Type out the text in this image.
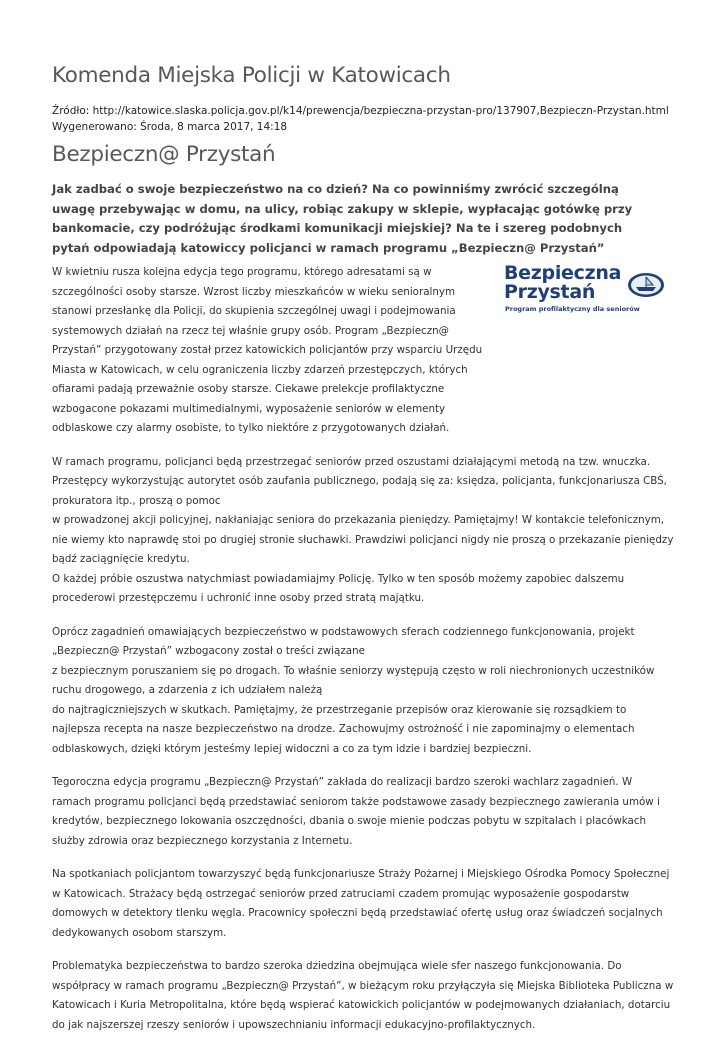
Komenda Miejska Policji w Katowicach
Źródło: http://katowice.slaska.policja.gov.pl/k14/prewencja/bezpieczna-przystan-pro/137907,Bezpieczn-Przystan.html
Wygenerowano: Środa, 8 marca 2017, 14:18
Bezpieczn@ Przystań

Jak zadbać o swoje bezpieczeństwo na co dzień? Na co powinniśmy zwrócić szczególną uwagę przebywając w domu, na ulicy, robiąc zakupy w sklepie, wypłacając gotówkę przy bankomacie, czy podróżując środkami komunikacji miejskiej? Na te i szereg podobnych pytań odpowiadają katowiccy policjanci w ramach programu „Bezpieczn@ Przystań”

Bezpieczna
Przystań
Program profilaktyczny dla seniorów

W kwietniu rusza kolejna edycja tego programu, którego adresatami są w szczególności osoby starsze. Wzrost liczby mieszkańców w wieku senioralnym stanowi przesłankę dla Policji, do skupienia szczególnej uwagi i podejmowania systemowych działań na rzecz tej właśnie grupy osób. Program „Bezpieczn@ Przystań” przygotowany został przez katowickich policjantów przy wsparciu Urzędu Miasta w Katowicach, w celu ograniczenia liczby zdarzeń przestępczych, których ofiarami padają przeważnie osoby starsze. Ciekawe prelekcje profilaktyczne wzbogacone pokazami multimedialnymi, wyposażenie seniorów w elementy odblaskowe czy alarmy osobiste, to tylko niektóre z przygotowanych działań.

W ramach programu, policjanci będą przestrzegać seniorów przed oszustami działającymi metodą na tzw. wnuczka. Przestępcy wykorzystując autorytet osób zaufania publicznego, podają się za: księdza, policjanta, funkcjonariusza CBŚ, prokuratora itp., proszą o pomoc
w prowadzonej akcji policyjnej, nakłaniając seniora do przekazania pieniędzy. Pamiętajmy! W kontakcie telefonicznym, nie wiemy kto naprawdę stoi po drugiej stronie słuchawki. Prawdziwi policjanci nigdy nie proszą o przekazanie pieniędzy bądź zaciągnięcie kredytu.
O każdej próbie oszustwa natychmiast powiadamiajmy Policję. Tylko w ten sposób możemy zapobiec dalszemu procederowi przestępczemu i uchronić inne osoby przed stratą majątku.

Oprócz zagadnień omawiających bezpieczeństwo w podstawowych sferach codziennego funkcjonowania, projekt „Bezpieczn@ Przystań” wzbogacony został o treści związane
z bezpiecznym poruszaniem się po drogach. To właśnie seniorzy występują często w roli niechronionych uczestników ruchu drogowego, a zdarzenia z ich udziałem należą
do najtragiczniejszych w skutkach. Pamiętajmy, że przestrzeganie przepisów oraz kierowanie się rozsądkiem to najlepsza recepta na nasze bezpieczeństwo na drodze. Zachowujmy ostrożność i nie zapominajmy o elementach odblaskowych, dzięki którym jesteśmy lepiej widoczni a co za tym idzie i bardziej bezpieczni.

Tegoroczna edycja programu „Bezpieczn@ Przystań” zakłada do realizacji bardzo szeroki wachlarz zagadnień. W ramach programu policjanci będą przedstawiać seniorom także podstawowe zasady bezpiecznego zawierania umów i kredytów, bezpiecznego lokowania oszczędności, dbania o swoje mienie podczas pobytu w szpitalach i placówkach służby zdrowia oraz bezpiecznego korzystania z Internetu.

Na spotkaniach policjantom towarzyszyć będą funkcjonariusze Straży Pożarnej i Miejskiego Ośrodka Pomocy Społecznej w Katowicach. Strażacy będą ostrzegać seniorów przed zatruciami czadem promując wyposażenie gospodarstw domowych w detektory tlenku węgla. Pracownicy społeczni będą przedstawiać ofertę usług oraz świadczeń socjalnych dedykowanych osobom starszym.

Problematyka bezpieczeństwa to bardzo szeroka dziedzina obejmująca wiele sfer naszego funkcjonowania. Do współpracy w ramach programu „Bezpieczn@ Przystań”, w bieżącym roku przyłączyła się Miejska Biblioteka Publiczna w Katowicach i Kuria Metropolitalna, które będą wspierać katowickich policjantów w podejmowanych działaniach, dotarciu do jak najszerszej rzeszy seniorów i upowszechnianiu informacji edukacyjno-profilaktycznych.
